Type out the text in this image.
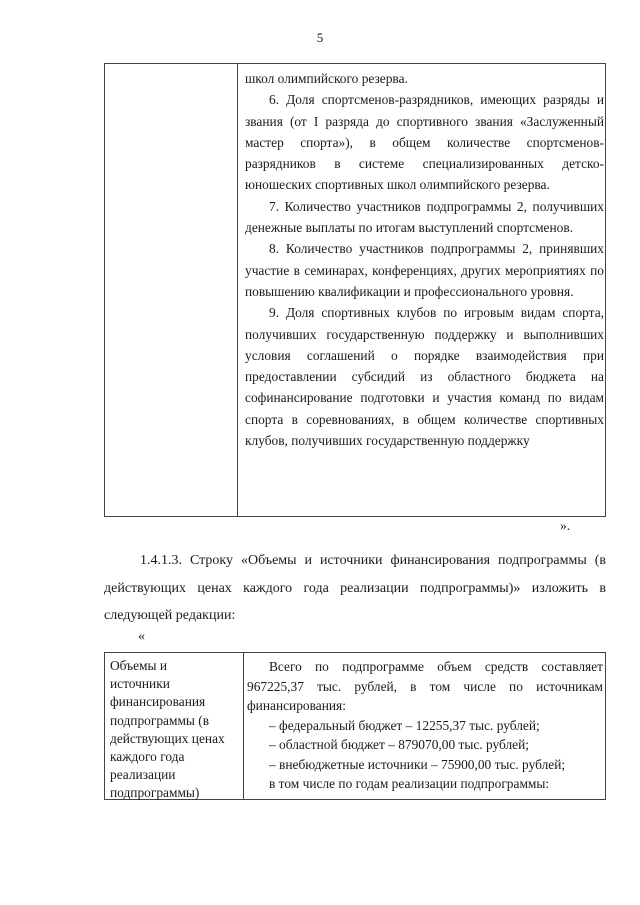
5

школ олимпийского резерва.

6. Доля спортсменов-разрядников, имеющих разряды и звания (от I разряда до спортивного звания «Заслуженный мастер спорта»), в общем количестве спортсменов-разрядников в системе специализированных детско-юношеских спортивных школ олимпийского резерва.

7. Количество участников подпрограммы 2, получивших денежные выплаты по итогам выступлений спортсменов.

8. Количество участников подпрограммы 2, принявших участие в семинарах, конференциях, других мероприятиях по повышению квалификации и профессионального уровня.

9. Доля спортивных клубов по игровым видам спорта, получивших государственную поддержку и выполнивших условия соглашений о порядке взаимодействия при предоставлении субсидий из областного бюджета на софинансирование подготовки и участия команд по видам спорта в соревнованиях, в общем количестве спортивных клубов, получивших государственную поддержку

».

1.4.1.3. Строку «Объемы и источники финансирования подпрограммы (в действующих ценах каждого года реализации подпрограммы)» изложить в следующей редакции:

«
Объемы и
источники
финансирования
подпрограммы (в
действующих ценах
каждого года
реализации
подпрограммы)

Всего по подпрограмме объем средств составляет 967225,37 тыс. рублей, в том числе по источникам финансирования:

– федеральный бюджет – 12255,37 тыс. рублей;

– областной бюджет – 879070,00 тыс. рублей;

– внебюджетные источники – 75900,00 тыс. рублей;

в том числе по годам реализации подпрограммы:
